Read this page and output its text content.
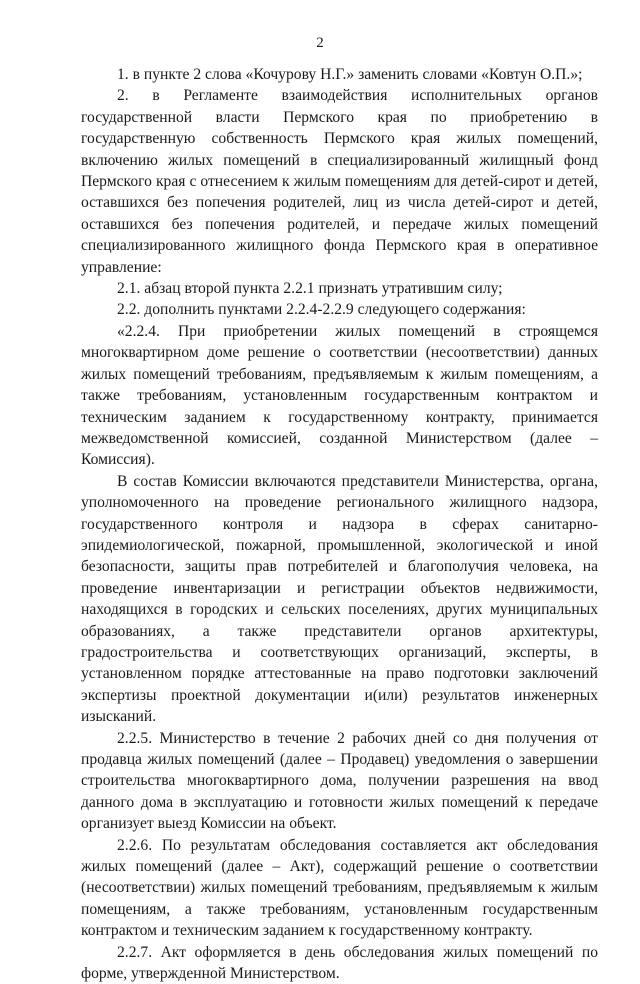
2

1. в пункте 2 слова «Кочурову Н.Г.» заменить словами «Ковтун О.П.»;

2. в Регламенте взаимодействия исполнительных органов государственной власти Пермского края по приобретению в государственную собственность Пермского края жилых помещений, включению жилых помещений в специализированный жилищный фонд Пермского края с отнесением к жилым помещениям для детей-сирот и детей, оставшихся без попечения родителей, лиц из числа детей-сирот и детей, оставшихся без попечения родителей, и передаче жилых помещений специализированного жилищного фонда Пермского края в оперативное управление:

2.1. абзац второй пункта 2.2.1 признать утратившим силу;

2.2. дополнить пунктами 2.2.4-2.2.9 следующего содержания:

«2.2.4. При приобретении жилых помещений в строящемся многоквартирном доме решение о соответствии (несоответствии) данных жилых помещений требованиям, предъявляемым к жилым помещениям, а также требованиям, установленным государственным контрактом и техническим заданием к государственному контракту, принимается межведомственной комиссией, созданной Министерством (далее – Комиссия).

В состав Комиссии включаются представители Министерства, органа, уполномоченного на проведение регионального жилищного надзора, государственного контроля и надзора в сферах санитарно-эпидемиологической, пожарной, промышленной, экологической и иной безопасности, защиты прав потребителей и благополучия человека, на проведение инвентаризации и регистрации объектов недвижимости, находящихся в городских и сельских поселениях, других муниципальных образованиях, а также представители органов архитектуры, градостроительства и соответствующих организаций, эксперты, в установленном порядке аттестованные на право подготовки заключений экспертизы проектной документации и(или) результатов инженерных изысканий.

2.2.5. Министерство в течение 2 рабочих дней со дня получения от продавца жилых помещений (далее – Продавец) уведомления о завершении строительства многоквартирного дома, получении разрешения на ввод данного дома в эксплуатацию и готовности жилых помещений к передаче организует выезд Комиссии на объект.

2.2.6. По результатам обследования составляется акт обследования жилых помещений (далее – Акт), содержащий решение о соответствии (несоответствии) жилых помещений требованиям, предъявляемым к жилым помещениям, а также требованиям, установленным государственным контрактом и техническим заданием к государственному контракту.

2.2.7. Акт оформляется в день обследования жилых помещений по форме, утвержденной Министерством.
